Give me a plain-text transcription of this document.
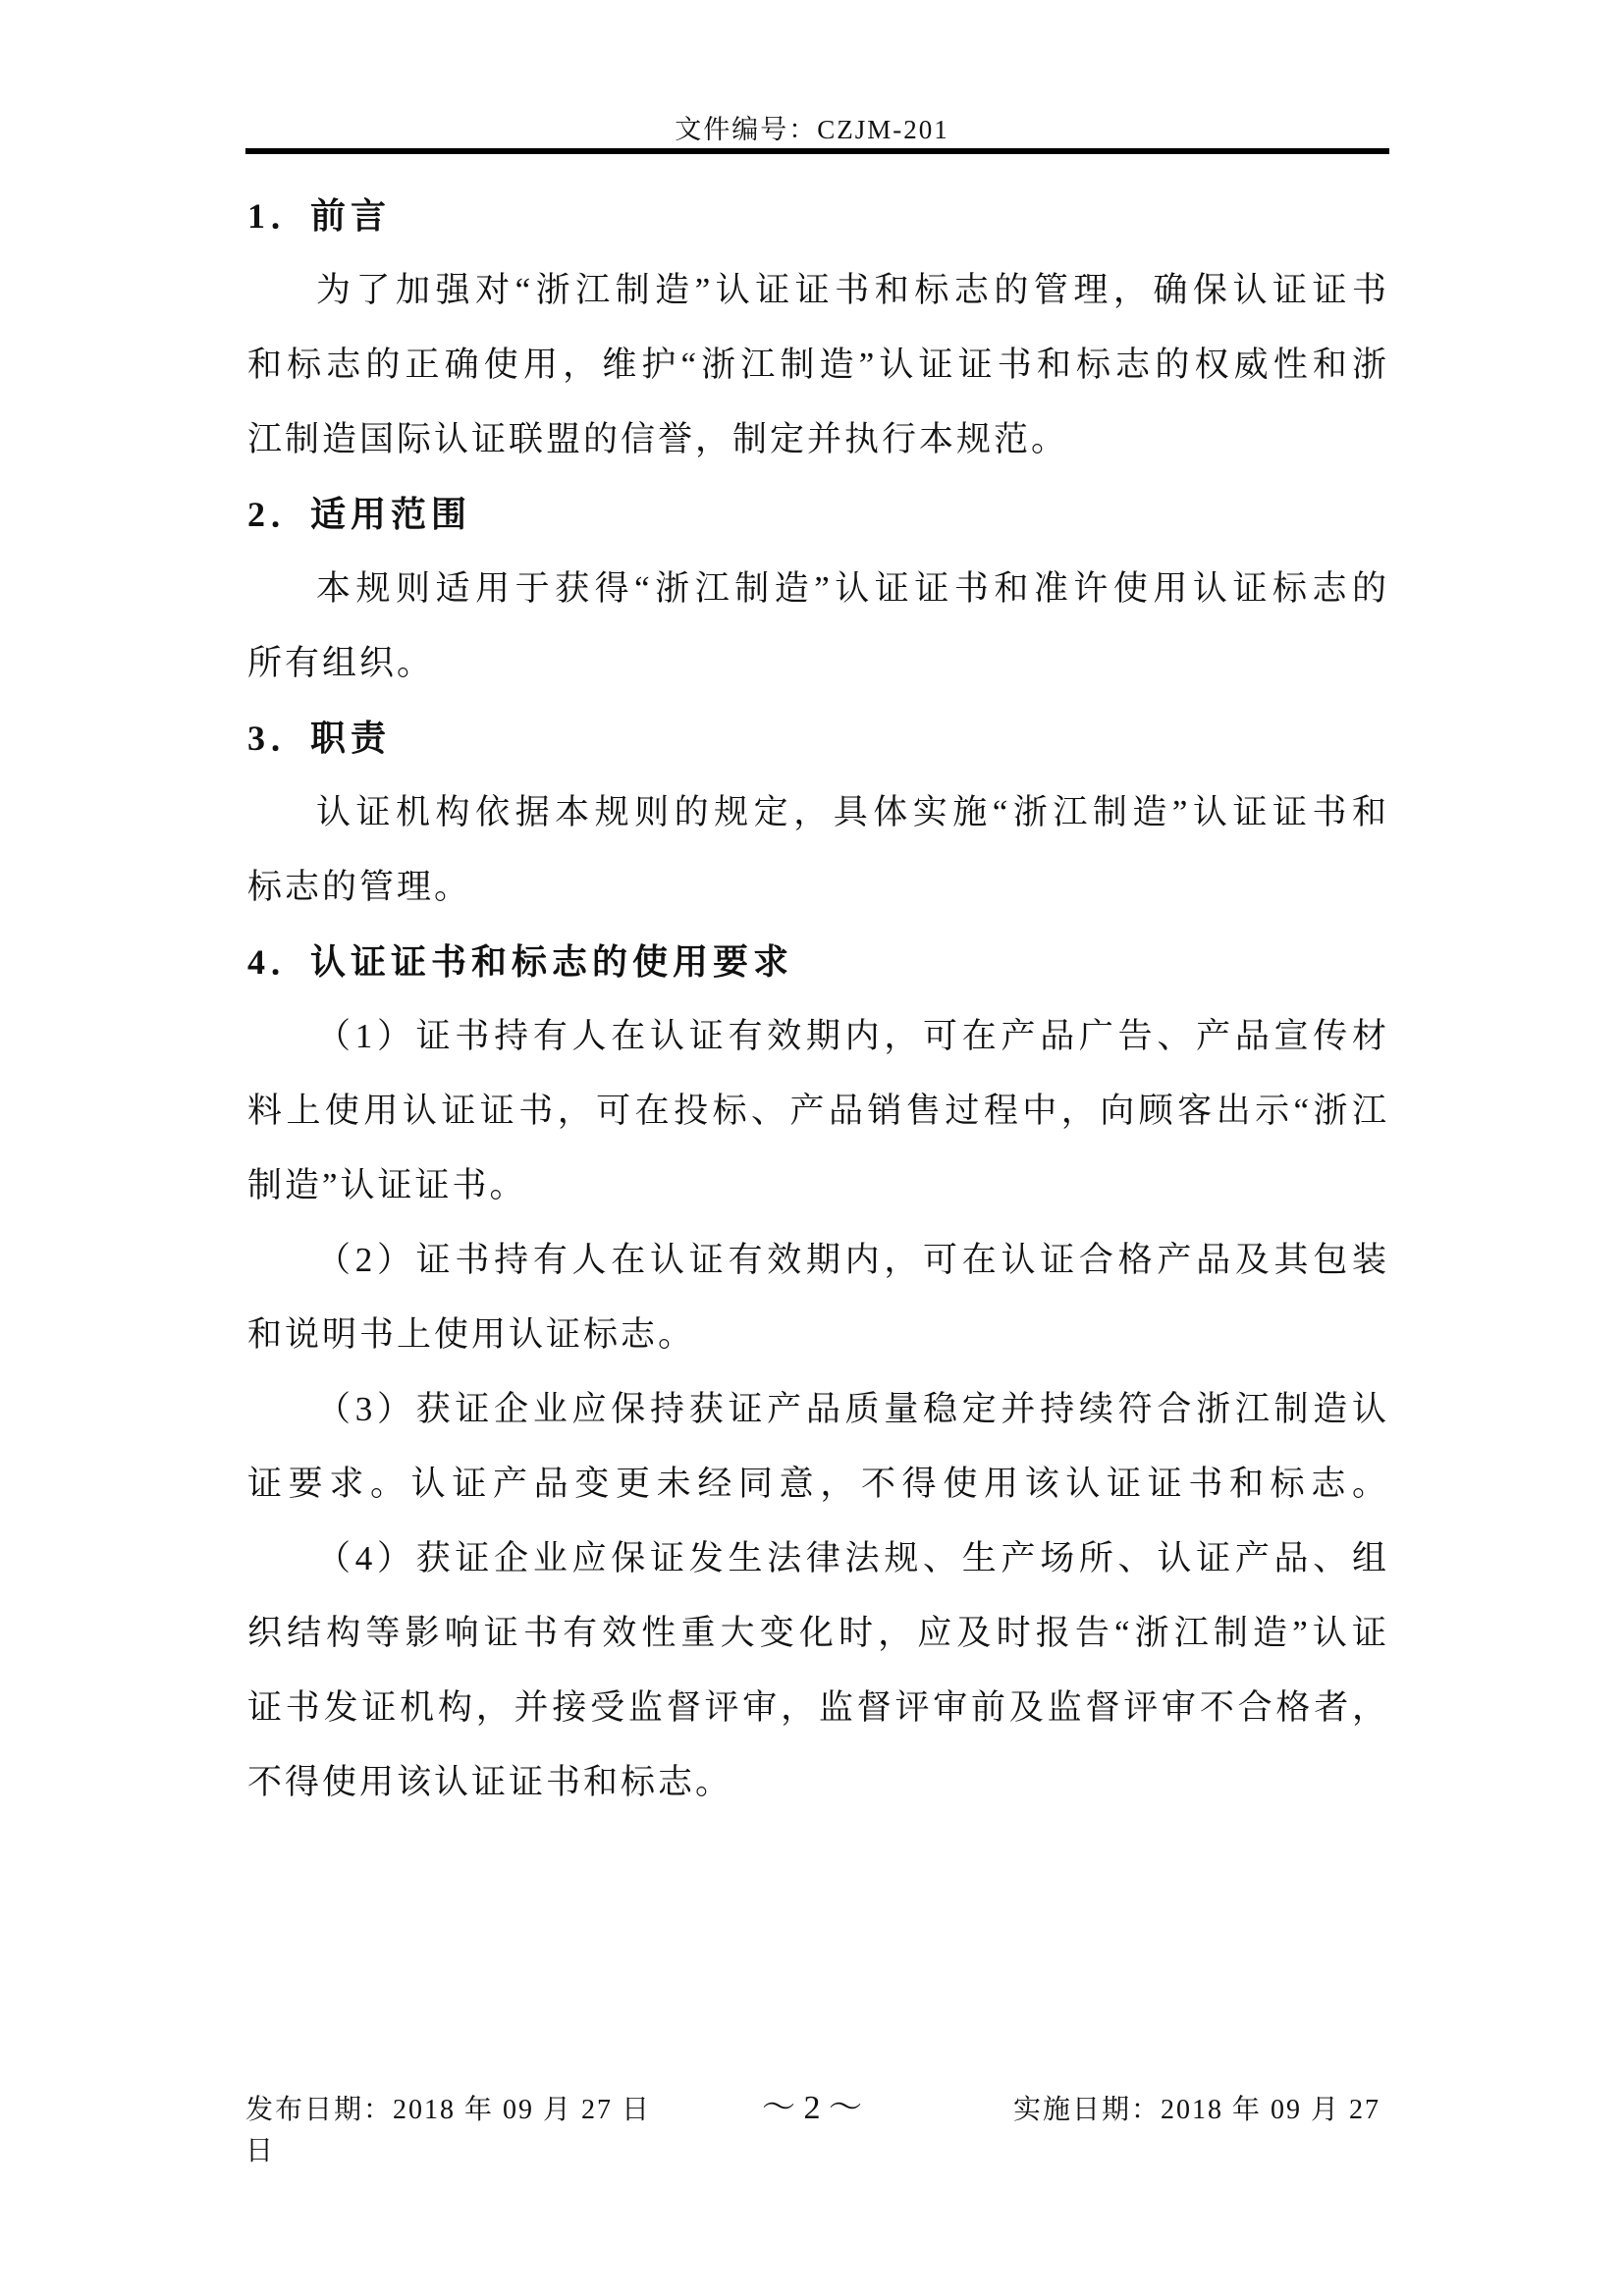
文件编号：CZJM-201

1．前言

为了加强对“浙江制造”认证证书和标志的管理，确保认证证书

和标志的正确使用，维护“浙江制造”认证证书和标志的权威性和浙

江制造国际认证联盟的信誉，制定并执行本规范。

2．适用范围

本规则适用于获得“浙江制造”认证证书和准许使用认证标志的

所有组织。

3．职责

认证机构依据本规则的规定，具体实施“浙江制造”认证证书和

标志的管理。

4．认证证书和标志的使用要求

（1）证书持有人在认证有效期内，可在产品广告、产品宣传材

料上使用认证证书，可在投标、产品销售过程中，向顾客出示“浙江

制造”认证证书。

（2）证书持有人在认证有效期内，可在认证合格产品及其包装

和说明书上使用认证标志。

（3）获证企业应保持获证产品质量稳定并持续符合浙江制造认

证要求。认证产品变更未经同意，不得使用该认证证书和标志。

（4）获证企业应保证发生法律法规、生产场所、认证产品、组

织结构等影响证书有效性重大变化时，应及时报告“浙江制造”认证

证书发证机构，并接受监督评审，监督评审前及监督评审不合格者，

不得使用该认证证书和标志。

发布日期：2018 年 09 月 27 日
日
～ 2 ～	实施日期：2018 年 09 月 27
